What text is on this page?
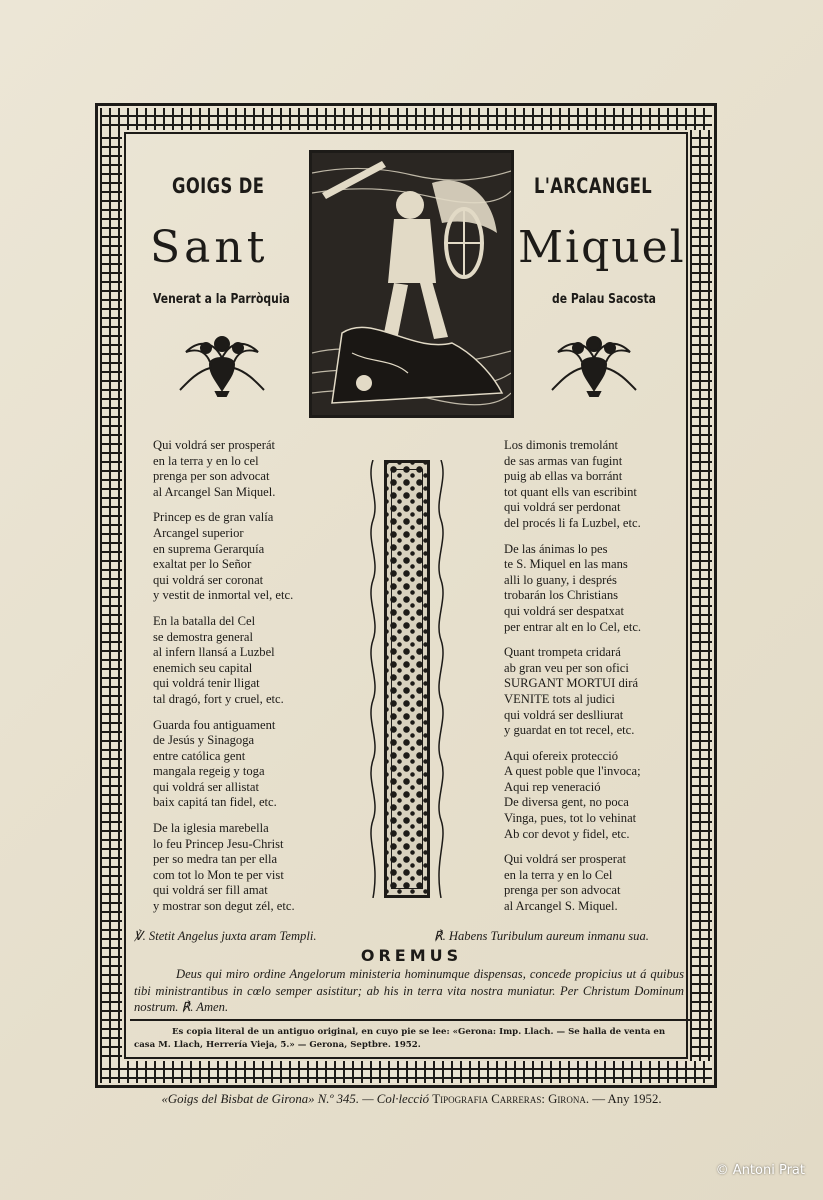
GOIGS DE	L'ARCANGEL
Sant	Miquel
Venerat a la Parròquia	de Palau Sacosta
Qui voldrá ser prosperát
en la terra y en lo cel
prenga per son advocat
al Arcangel San Miquel.
Princep es de gran valía
Arcangel superior
en suprema Gerarquía
exaltat per lo Señor
qui voldrá ser coronat
y vestit de inmortal vel, etc.
En la batalla del Cel
se demostra general
al infern llansá a Luzbel
enemich seu capital
qui voldrá tenir lligat
tal dragó, fort y cruel, etc.
Guarda fou antiguament
de Jesús y Sinagoga
entre católica gent
mangala regeig y toga
qui voldrá ser allistat
baix capitá tan fidel, etc.
De la iglesia marebella
lo feu Princep Jesu-Christ
per so medra tan per ella
com tot lo Mon te per vist
qui voldrá ser fill amat
y mostrar son degut zél, etc.
Los dimonis tremolánt
de sas armas van fugint
puig ab ellas va borránt
tot quant ells van escribint
qui voldrá ser perdonat
del procés li fa Luzbel, etc.
De las ánimas lo pes
te S. Miquel en las mans
alli lo guany, i després
trobarán los Christians
qui voldrá ser despatxat
per entrar alt en lo Cel, etc.
Quant trompeta cridará
ab gran veu per son ofici
SURGANT MORTUI dirá
VENITE tots al judici
qui voldrá ser deslliurat
y guardat en tot recel, etc.
Aqui ofereix protecció
A quest poble que l'invoca;
Aqui rep veneració
De diversa gent, no poca
Vinga, pues, tot lo vehinat
Ab cor devot y fidel, etc.
Qui voldrá ser prosperat
en la terra y en lo Cel
prenga per son advocat
al Arcangel S. Miquel.
℣. Stetit Angelus juxta aram Templi.	℟. Habens Turibulum aureum inmanu sua.
OREMUS
Deus qui miro ordine Angelorum ministeria hominumque dispensas, concede propicius ut á quibus tibi ministrantibus in cœlo semper asistitur; ab his in terra vita nostra muniatur. Per Christum Dominum nostrum. ℟. Amen.
Es copia literal de un antiguo original, en cuyo pie se lee: «Gerona: Imp. Llach. — Se halla de venta en casa M. Llach, Herrería Vieja, 5.» — Gerona, Septbre. 1952.
«Goigs del Bisbat de Girona» N.º 345. — Col·lecció Tipografia Carreras: Girona. — Any 1952.
© Antoni Prat
